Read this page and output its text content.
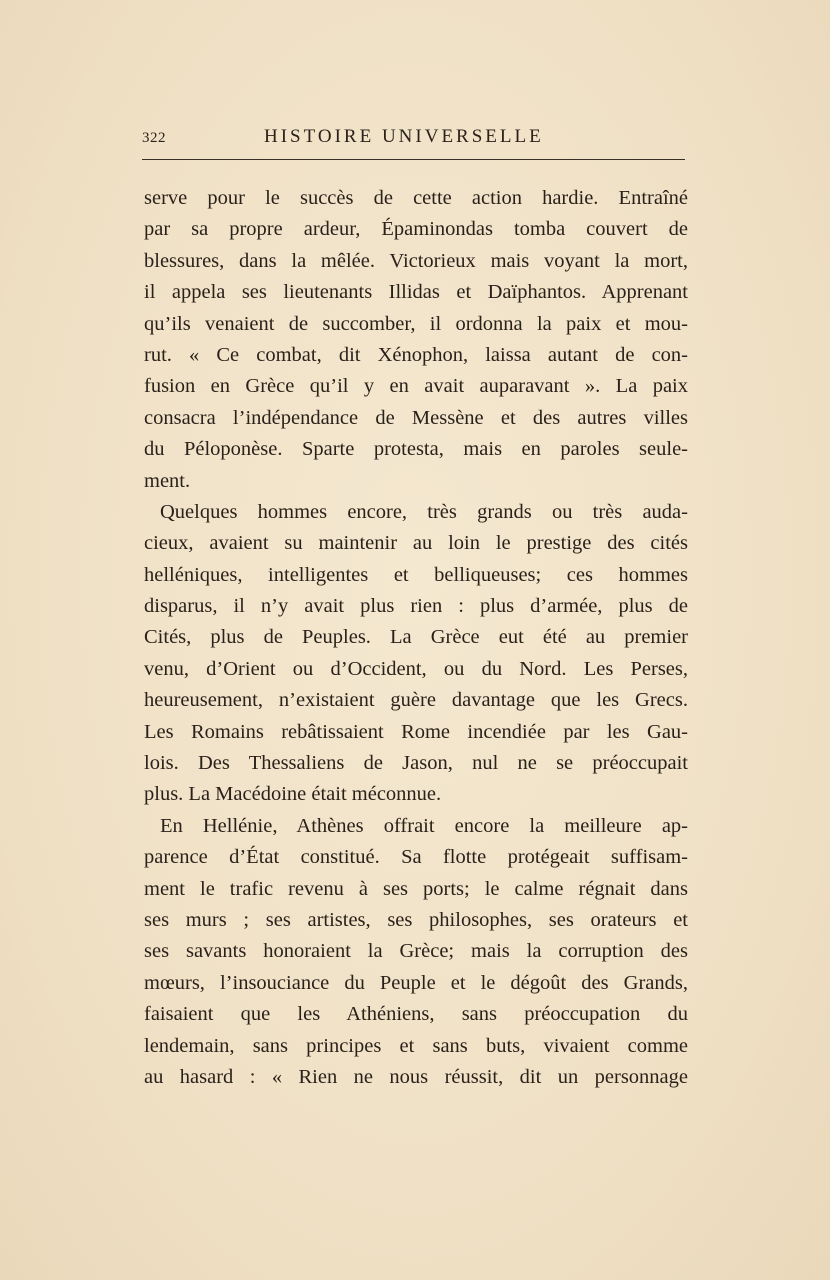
322	HISTOIRE UNIVERSELLE
serve pour le succès de cette action hardie. Entraîné
par sa propre ardeur, Épaminondas tomba couvert de
blessures, dans la mêlée. Victorieux mais voyant la mort,
il appela ses lieutenants Illidas et Daïphantos. Apprenant
qu’ils venaient de succomber, il ordonna la paix et mou-
rut. « Ce combat, dit Xénophon, laissa autant de con-
fusion en Grèce qu’il y en avait auparavant ». La paix
consacra l’indépendance de Messène et des autres villes
du Péloponèse. Sparte protesta, mais en paroles seule-
ment.
Quelques hommes encore, très grands ou très auda-
cieux, avaient su maintenir au loin le prestige des cités
helléniques, intelligentes et belliqueuses; ces hommes
disparus, il n’y avait plus rien : plus d’armée, plus de
Cités, plus de Peuples. La Grèce eut été au premier
venu, d’Orient ou d’Occident, ou du Nord. Les Perses,
heureusement, n’existaient guère davantage que les Grecs.
Les Romains rebâtissaient Rome incendiée par les Gau-
lois. Des Thessaliens de Jason, nul ne se préoccupait
plus. La Macédoine était méconnue.
En Hellénie, Athènes offrait encore la meilleure ap-
parence d’État constitué. Sa flotte protégeait suffisam-
ment le trafic revenu à ses ports; le calme régnait dans
ses murs ; ses artistes, ses philosophes, ses orateurs et
ses savants honoraient la Grèce; mais la corruption des
mœurs, l’insouciance du Peuple et le dégoût des Grands,
faisaient que les Athéniens, sans préoccupation du
lendemain, sans principes et sans buts, vivaient comme
au hasard : « Rien ne nous réussit, dit un personnage
